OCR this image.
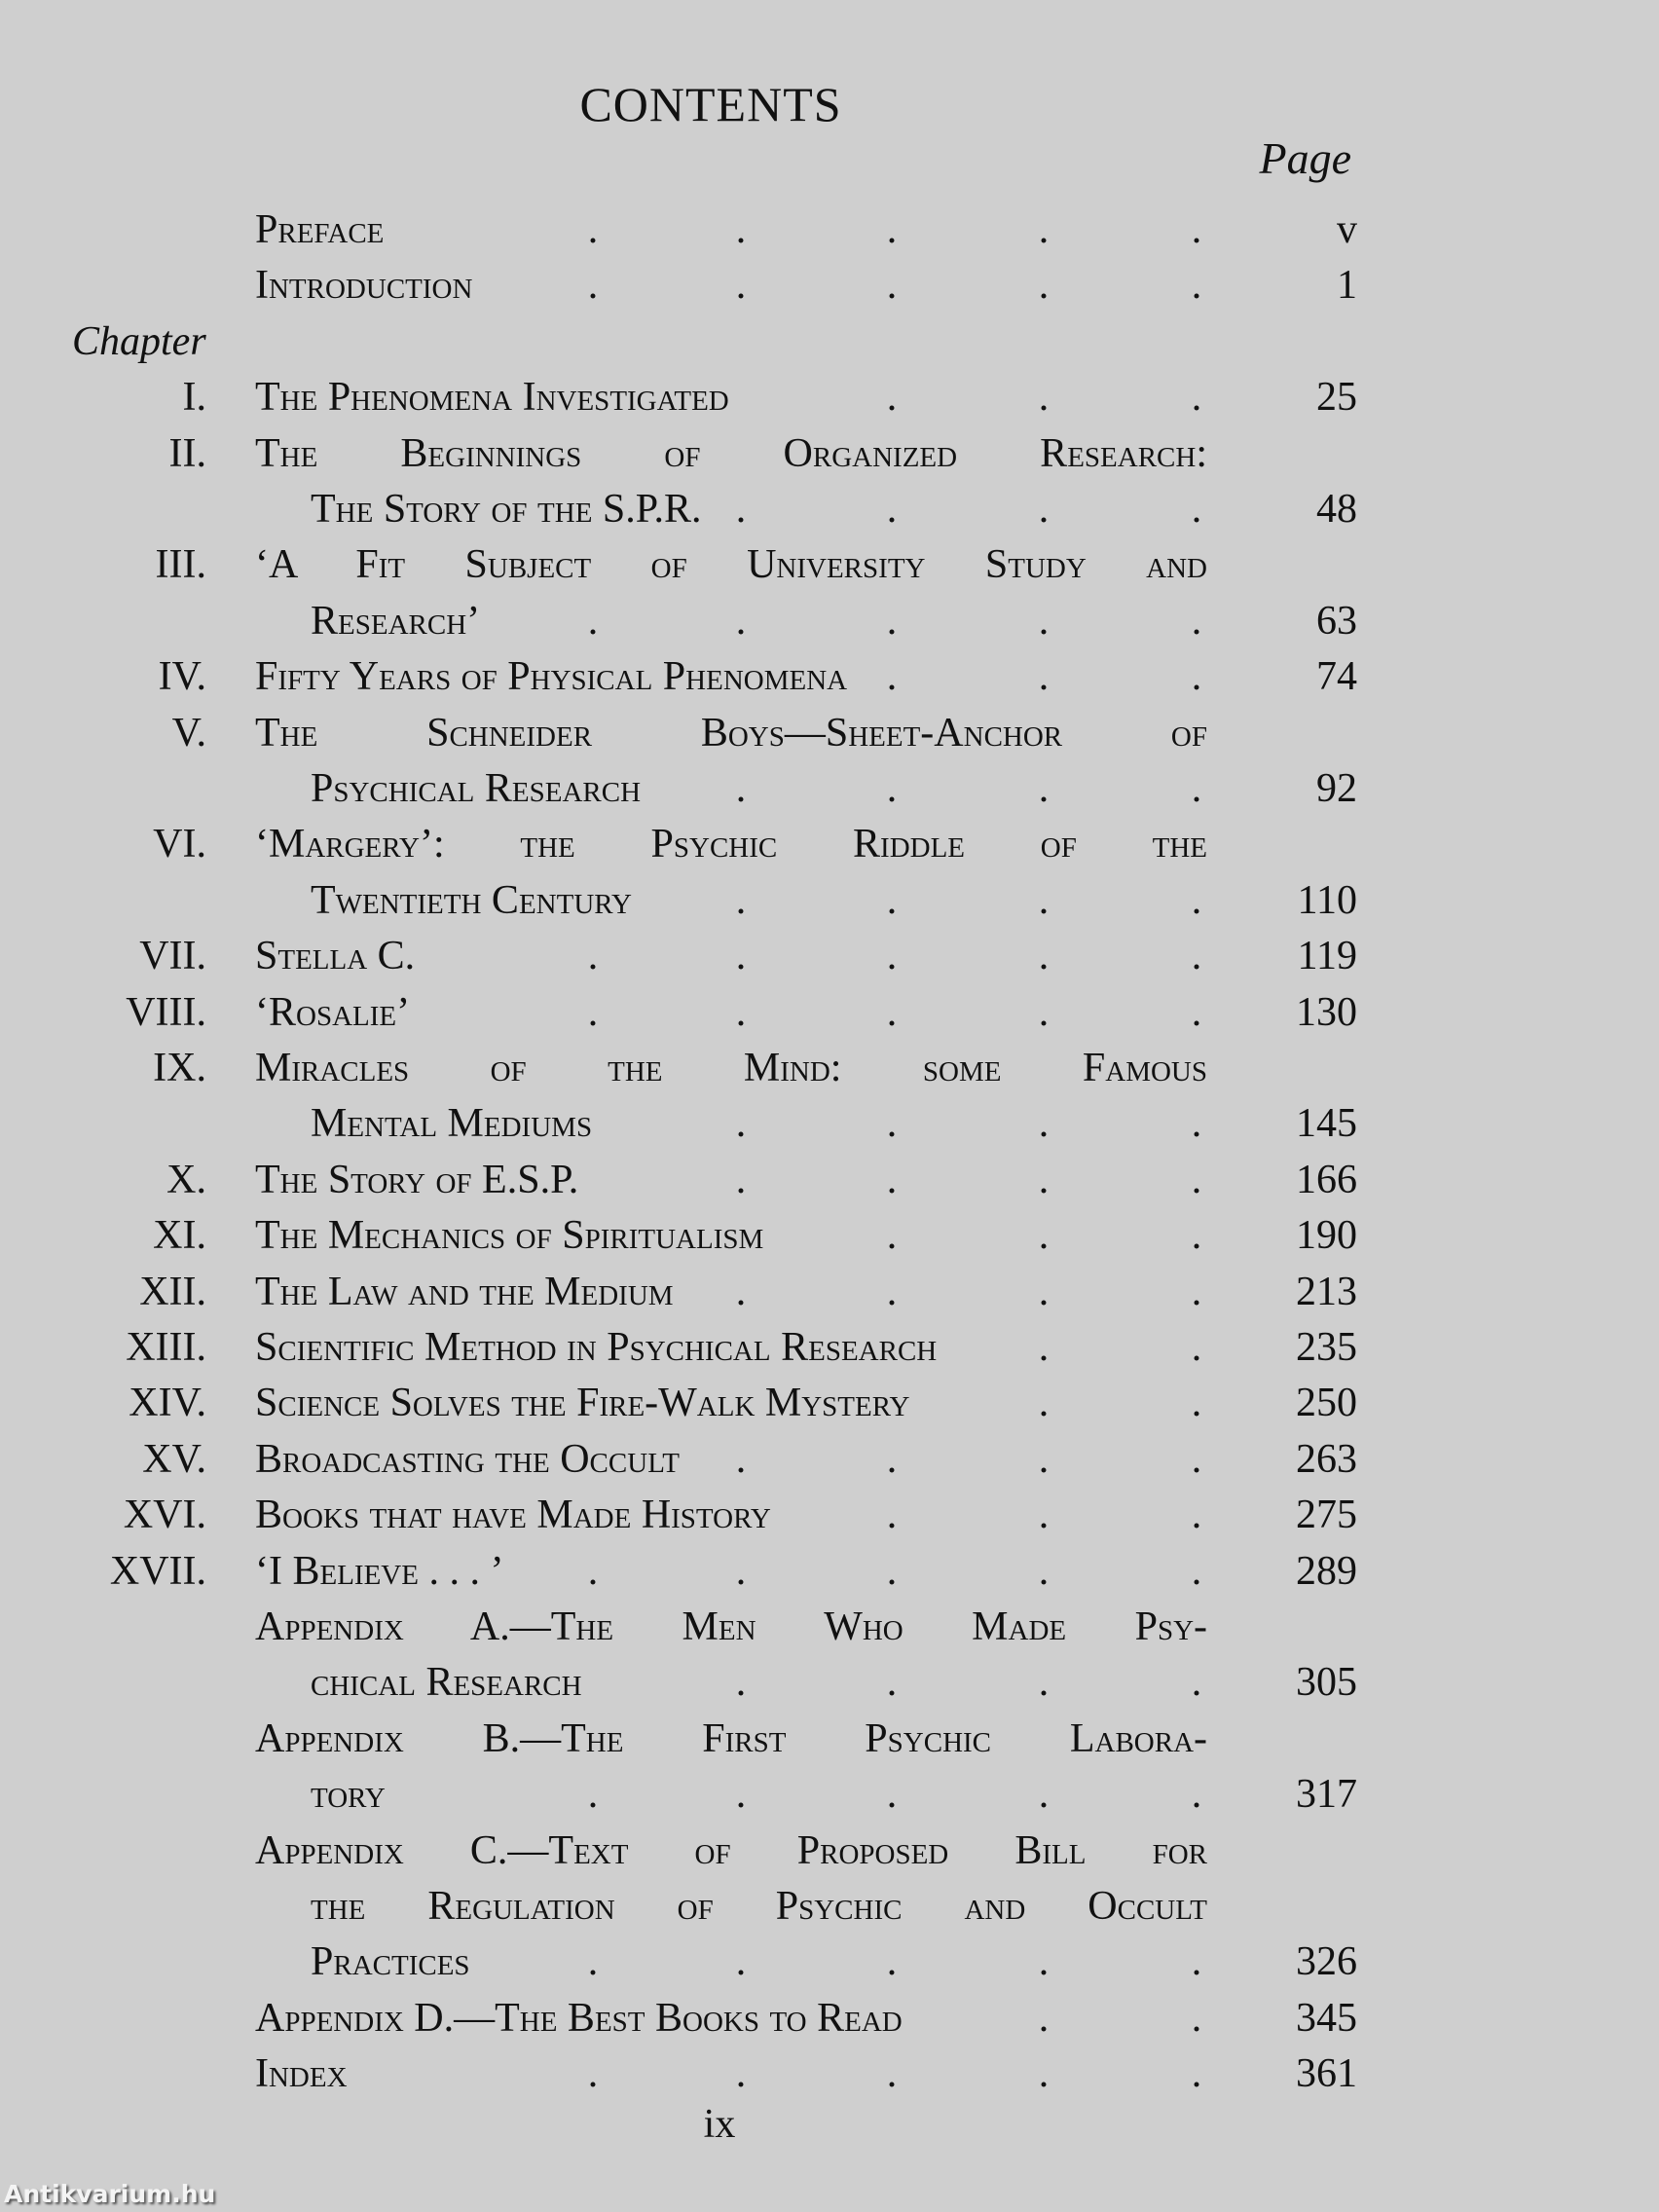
CONTENTS
Page
Preface	v
.	.	.	.	.
Introduction	1
.	.	.	.	.
Chapter
I. The Phenomena Investigated	25
.	.	.
II. The Beginnings of Organized Research:
The Story of the S.P.R.	48
.	.	.	.
III. ‘A Fit Subject of University Study and
Research’	63
.	.	.	.	.
IV. Fifty Years of Physical Phenomena	74
.	.	.
V. The Schneider Boys—Sheet-Anchor of
Psychical Research	92
.	.	.	.
VI. ‘Margery’: the Psychic Riddle of the
Twentieth Century	110
.	.	.	.
VII. Stella C.	119
.	.	.	.	.
VIII. ‘Rosalie’	130
.	.	.	.	.
IX. Miracles of the Mind: some Famous
Mental Mediums	145
.	.	.	.
X. The Story of E.S.P.	166
.	.	.	.
XI. The Mechanics of Spiritualism	190
.	.	.
XII. The Law and the Medium	213
.	.	.	.
XIII. Scientific Method in Psychical Research	235
.	.
XIV. Science Solves the Fire-Walk Mystery	250
.	.
XV. Broadcasting the Occult	263
.	.	.	.
XVI. Books that have Made History	275
.	.	.
XVII. ‘I Believe . . . ’	289
.	.	.	.	.
Appendix A.—The Men Who Made Psy-
chical Research	305
.	.	.	.
Appendix B.—The First Psychic Labora-
tory	317
.	.	.	.	.
Appendix C.—Text of Proposed Bill for
the Regulation of Psychic and Occult
Practices	326
.	.	.	.	.
Appendix D.—The Best Books to Read	345
.	.
Index	361
.	.	.	.	.
ix
Antikvarium.hu
